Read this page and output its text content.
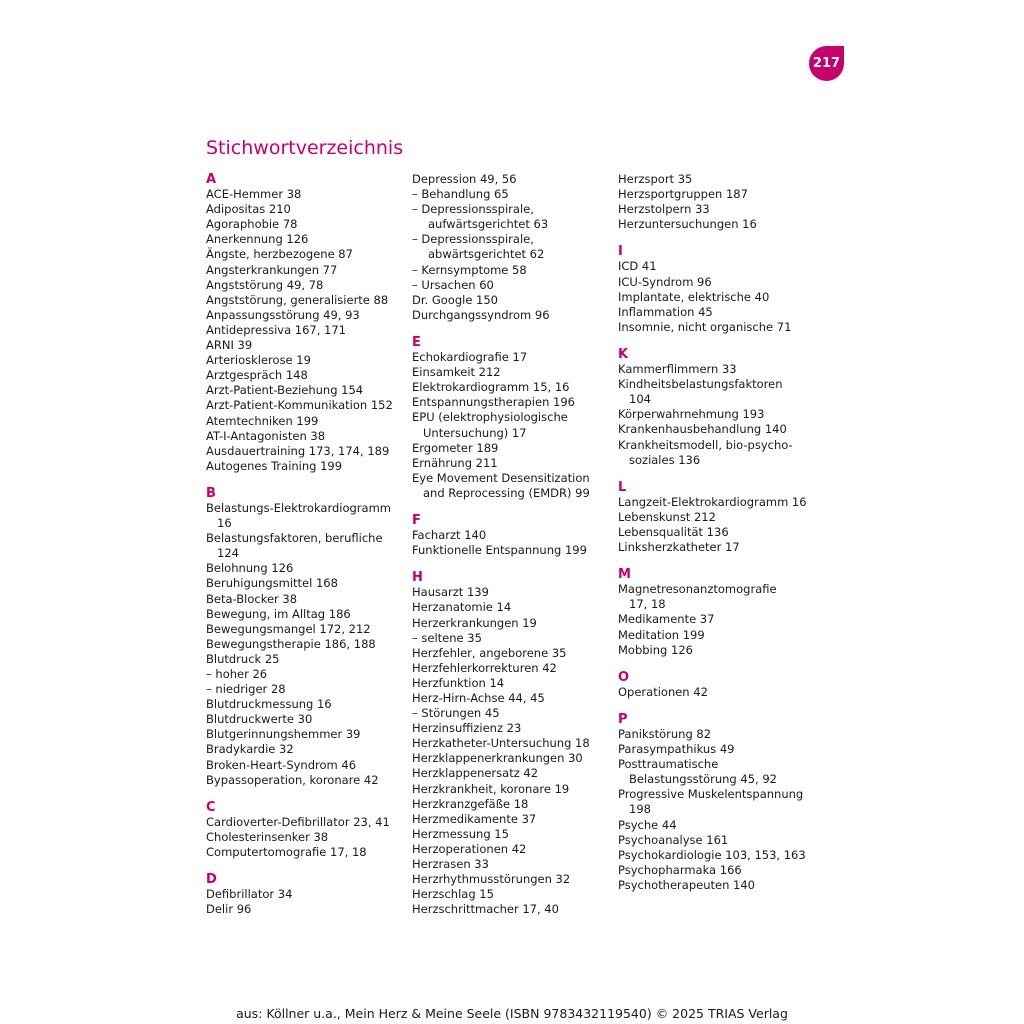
217
Stichwortverzeichnis
A
ACE-Hemmer 38
Adipositas 210
Agoraphobie 78
Anerkennung 126
Ängste, herzbezogene 87
Angsterkrankungen 77
Angststörung 49, 78
Angststörung, generalisierte 88
Anpassungsstörung 49, 93
Antidepressiva 167, 171
ARNI 39
Arteriosklerose 19
Arztgespräch 148
Arzt-Patient-Beziehung 154
Arzt-Patient-Kommunikation 152
Atemtechniken 199
AT-I-Antagonisten 38
Ausdauertraining 173, 174, 189
Autogenes Training 199
B
Belastungs-Elektrokardiogramm
16
Belastungsfaktoren, berufliche
124
Belohnung 126
Beruhigungsmittel 168
Beta-Blocker 38
Bewegung, im Alltag 186
Bewegungsmangel 172, 212
Bewegungstherapie 186, 188
Blutdruck 25
– hoher 26
– niedriger 28
Blutdruckmessung 16
Blutdruckwerte 30
Blutgerinnungshemmer 39
Bradykardie 32
Broken-Heart-Syndrom 46
Bypassoperation, koronare 42
C
Cardioverter-Defibrillator 23, 41
Cholesterinsenker 38
Computertomografie 17, 18
D
Defibrillator 34
Delir 96
Depression 49, 56
– Behandlung 65
– Depressionsspirale,
aufwärtsgerichtet 63
– Depressionsspirale,
abwärtsgerichtet 62
– Kernsymptome 58
– Ursachen 60
Dr. Google 150
Durchgangssyndrom 96
E
Echokardiografie 17
Einsamkeit 212
Elektrokardiogramm 15, 16
Entspannungstherapien 196
EPU (elektrophysiologische
Untersuchung) 17
Ergometer 189
Ernährung 211
Eye Movement Desensitization
and Reprocessing (EMDR) 99
F
Facharzt 140
Funktionelle Entspannung 199
H
Hausarzt 139
Herzanatomie 14
Herzerkrankungen 19
– seltene 35
Herzfehler, angeborene 35
Herzfehlerkorrekturen 42
Herzfunktion 14
Herz-Hirn-Achse 44, 45
– Störungen 45
Herzinsuffizienz 23
Herzkatheter-Untersuchung 18
Herzklappenerkrankungen 30
Herzklappenersatz 42
Herzkrankheit, koronare 19
Herzkranzgefäße 18
Herzmedikamente 37
Herzmessung 15
Herzoperationen 42
Herzrasen 33
Herzrhythmusstörungen 32
Herzschlag 15
Herzschrittmacher 17, 40
Herzsport 35
Herzsportgruppen 187
Herzstolpern 33
Herzuntersuchungen 16
I
ICD 41
ICU-Syndrom 96
Implantate, elektrische 40
Inflammation 45
Insomnie, nicht organische 71
K
Kammerflimmern 33
Kindheitsbelastungsfaktoren
104
Körperwahrnehmung 193
Krankenhausbehandlung 140
Krankheitsmodell, bio-psycho-
soziales 136
L
Langzeit-Elektrokardiogramm 16
Lebenskunst 212
Lebensqualität 136
Linksherzkatheter 17
M
Magnetresonanztomografie
17, 18
Medikamente 37
Meditation 199
Mobbing 126
O
Operationen 42
P
Panikstörung 82
Parasympathikus 49
Posttraumatische
Belastungsstörung 45, 92
Progressive Muskelentspannung
198
Psyche 44
Psychoanalyse 161
Psychokardiologie 103, 153, 163
Psychopharmaka 166
Psychotherapeuten 140
aus: Köllner u.a., Mein Herz & Meine Seele (ISBN 9783432119540) © 2025 TRIAS Verlag
